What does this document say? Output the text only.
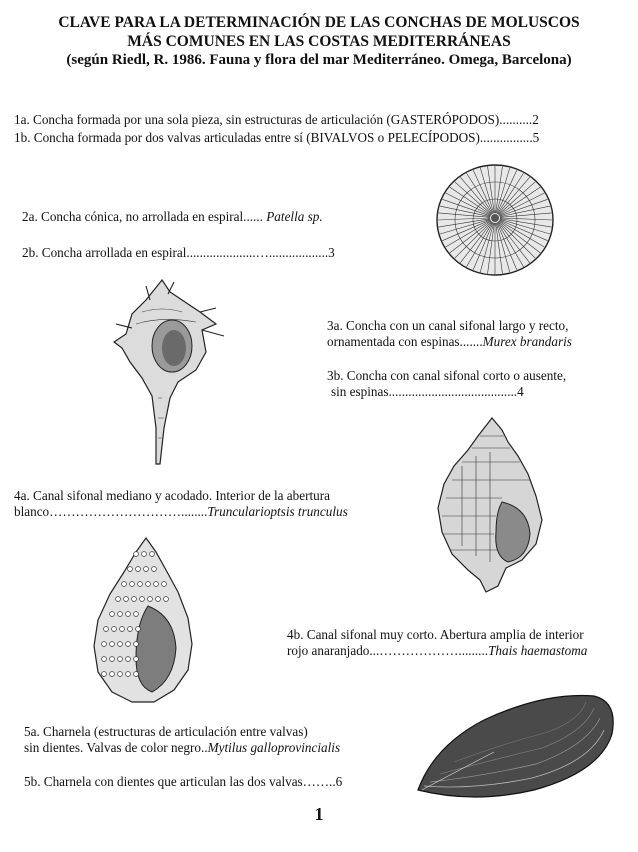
CLAVE PARA LA DETERMINACIÓN DE LAS CONCHAS DE MOLUSCOS
MÁS COMUNES EN LAS COSTAS MEDITERRÁNEAS
(según Riedl, R. 1986. Fauna y flora del mar Mediterráneo. Omega, Barcelona)
1a. Concha formada por una sola pieza, sin estructuras de articulación (GASTERÓPODOS)..........2
1b. Concha formada por dos valvas articuladas entre sí (BIVALVOS o PELECÍPODOS)................5
2a. Concha cónica, no arrollada en espiral...... Patella sp.
2b. Concha arrollada en espiral.....................…..................3
3a. Concha con un canal sifonal largo y recto,
ornamentada con espinas.......Murex brandaris
3b. Concha con canal sifonal corto o ausente,
sin espinas.......................................4
4a. Canal sifonal mediano y acodado. Interior de la abertura
blanco…………………………........Truncularioptsis trunculus
4b. Canal sifonal muy corto. Abertura amplia de interior
rojo anaranjado...……………….........Thais haemastoma
5a. Charnela (estructuras de articulación entre valvas)
sin dientes. Valvas de color negro..Mytilus galloprovincialis
5b. Charnela con dientes que articulan las dos valvas……..6
1
